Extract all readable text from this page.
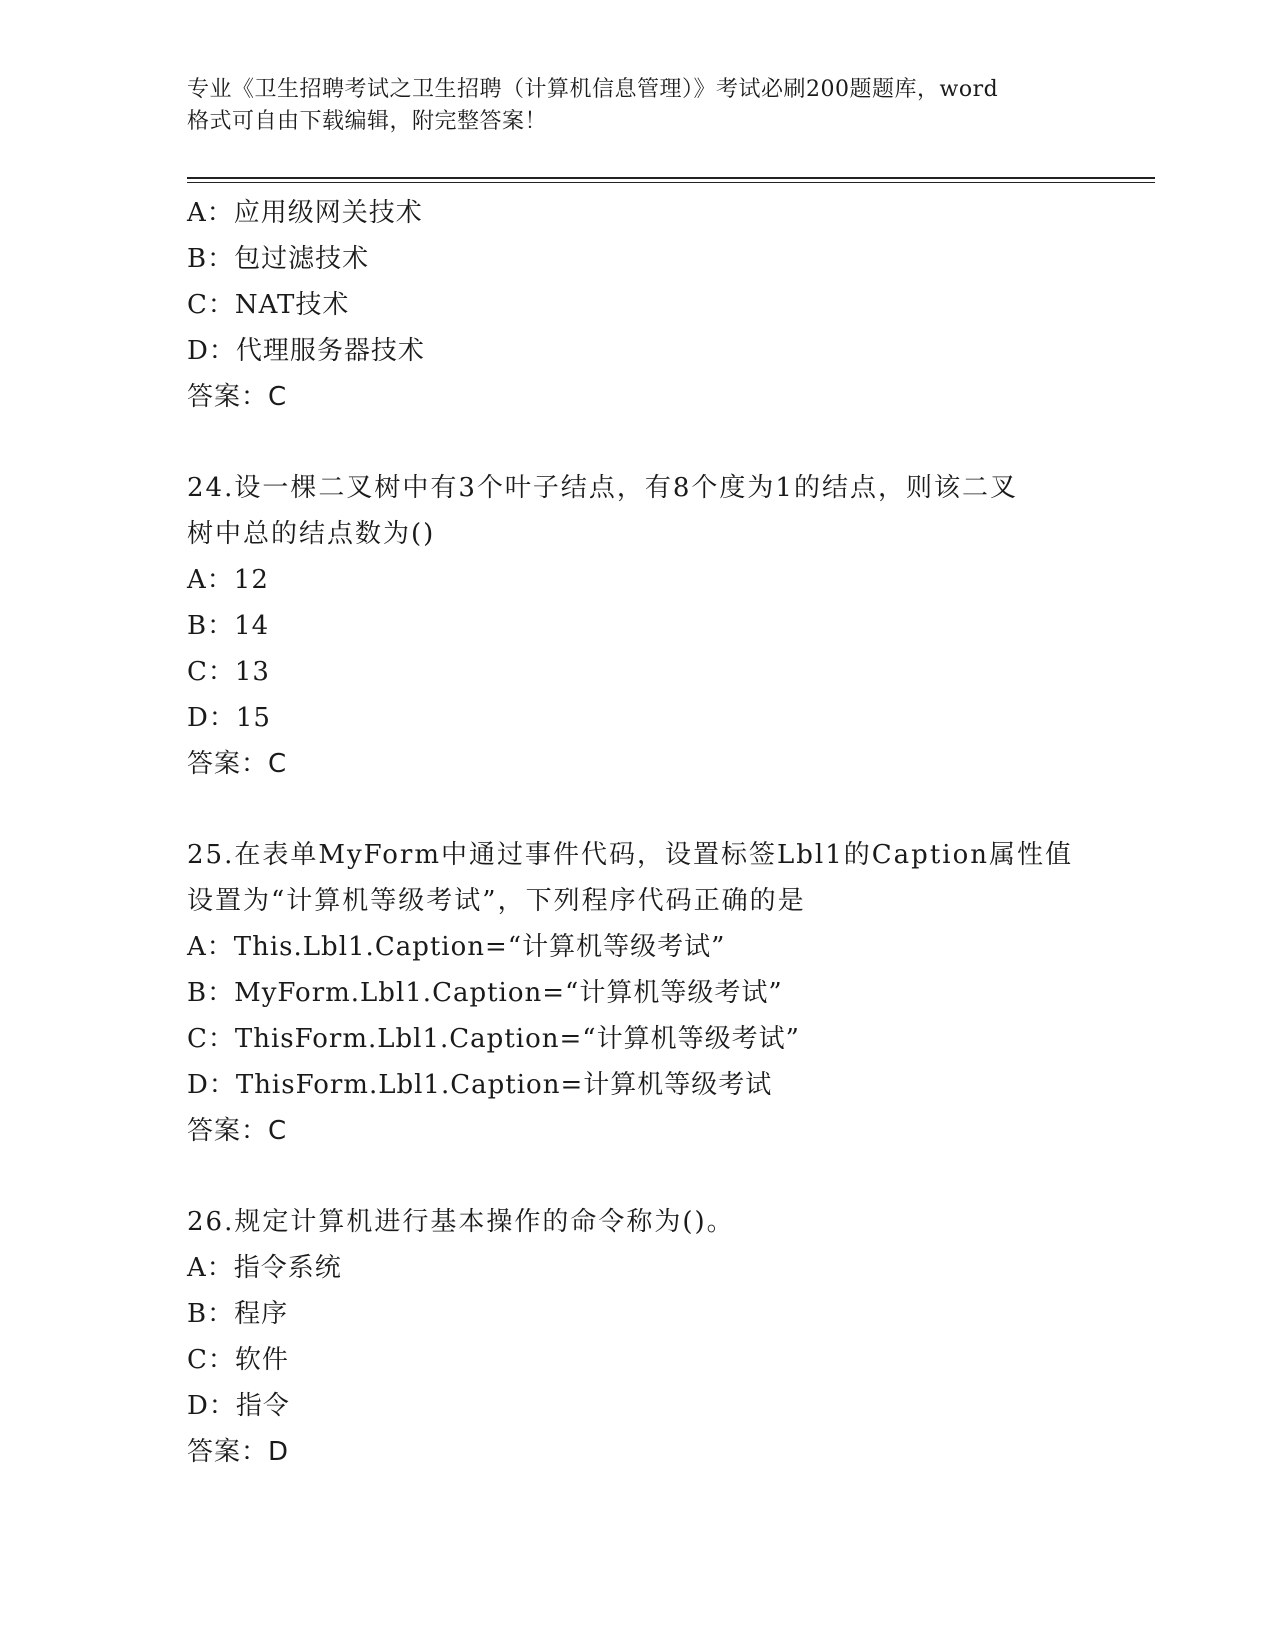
专业《卫生招聘考试之卫生招聘（计算机信息管理）》考试必刷200题题库，word
格式可自由下载编辑，附完整答案！
A：应用级网关技术
B：包过滤技术
C：NAT技术
D：代理服务器技术
答案：C
24.设一棵二叉树中有3个叶子结点，有8个度为1的结点，则该二叉
树中总的结点数为()
A：12
B：14
C：13
D：15
答案：C
25.在表单MyForm中通过事件代码，设置标签Lbl1的Caption属性值
设置为“计算机等级考试”，下列程序代码正确的是
A：This.Lbl1.Caption=“计算机等级考试”
B：MyForm.Lbl1.Caption=“计算机等级考试”
C：ThisForm.Lbl1.Caption=“计算机等级考试”
D：ThisForm.Lbl1.Caption=计算机等级考试
答案：C
26.规定计算机进行基本操作的命令称为()。
A：指令系统
B：程序
C：软件
D：指令
答案：D
